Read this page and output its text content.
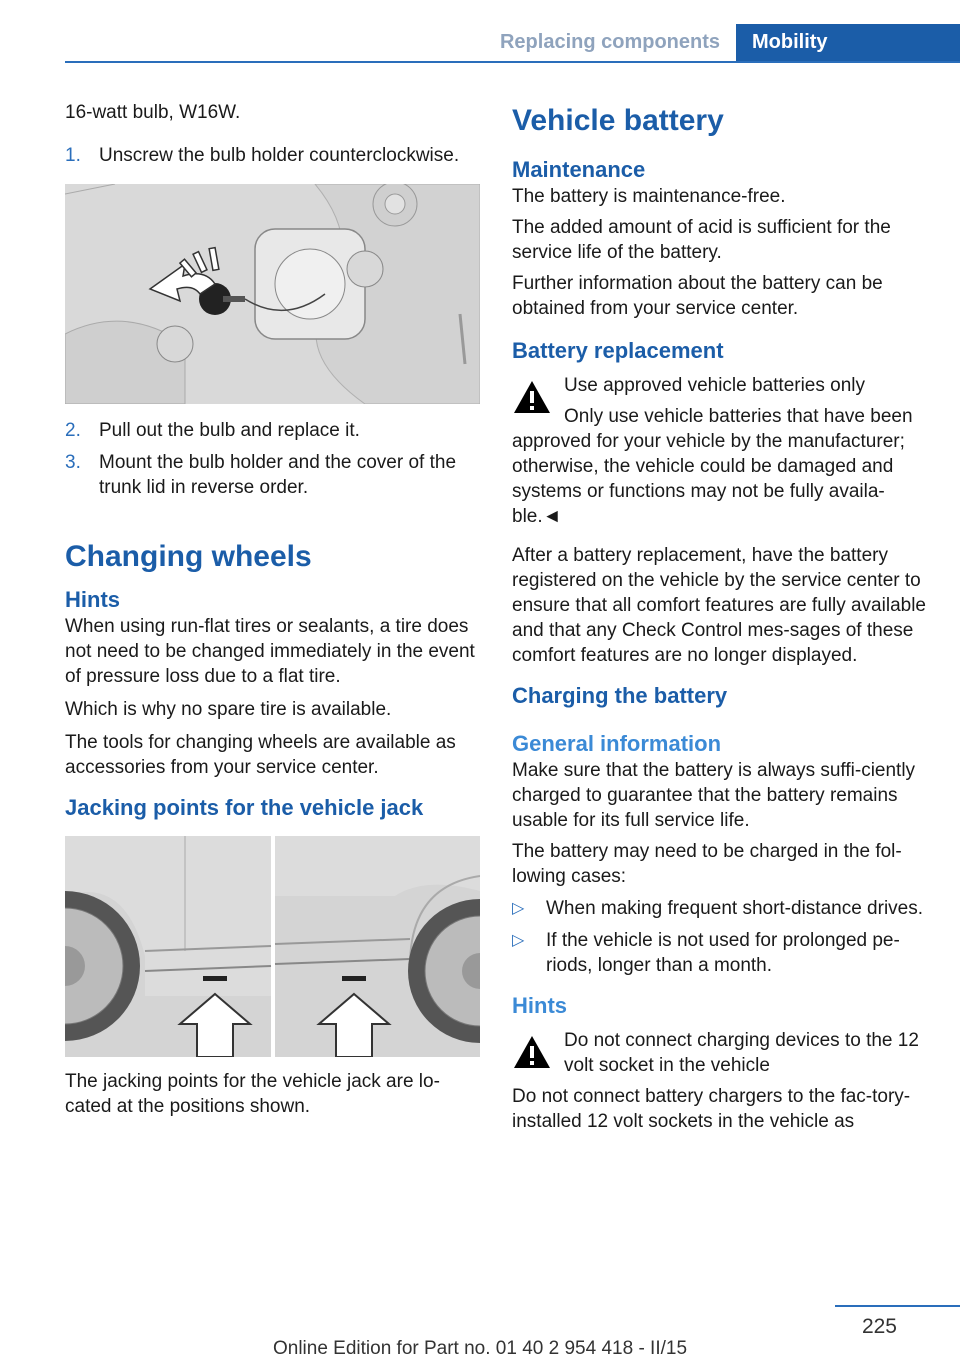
Replacing components	Mobility

16-watt bulb, W16W.

1. Unscrew the bulb holder counterclockwise.
2. Pull out the bulb and replace it.
3. Mount the bulb holder and the cover of the trunk lid in reverse order.
Changing wheels
Hints

When using run-flat tires or sealants, a tire does not need to be changed immediately in the event of pressure loss due to a flat tire.

Which is why no spare tire is available.

The tools for changing wheels are available as accessories from your service center.

Jacking points for the vehicle jack

The jacking points for the vehicle jack are lo‐cated at the positions shown.

Vehicle battery
Maintenance

The battery is maintenance-free.

The added amount of acid is sufficient for the service life of the battery.

Further information about the battery can be obtained from your service center.

Battery replacement

Use approved vehicle batteries only

Only use vehicle batteries that have been

approved for your vehicle by the manufacturer; otherwise, the vehicle could be damaged and systems or functions may not be fully availa‐ble.◄

After a battery replacement, have the battery registered on the vehicle by the service center to ensure that all comfort features are fully available and that any Check Control mes‐sages of these comfort features are no longer displayed.

Charging the battery
General information

Make sure that the battery is always suffi‐ciently charged to guarantee that the battery remains usable for its full service life.

The battery may need to be charged in the fol‐lowing cases:

▷ When making frequent short-distance drives.
▷ If the vehicle is not used for prolonged pe‐riods, longer than a month.
Hints

Do not connect charging devices to the 12 volt socket in the vehicle

Do not connect battery chargers to the fac‐tory-installed 12 volt sockets in the vehicle as

225
Online Edition for Part no. 01 40 2 954 418 - II/15
